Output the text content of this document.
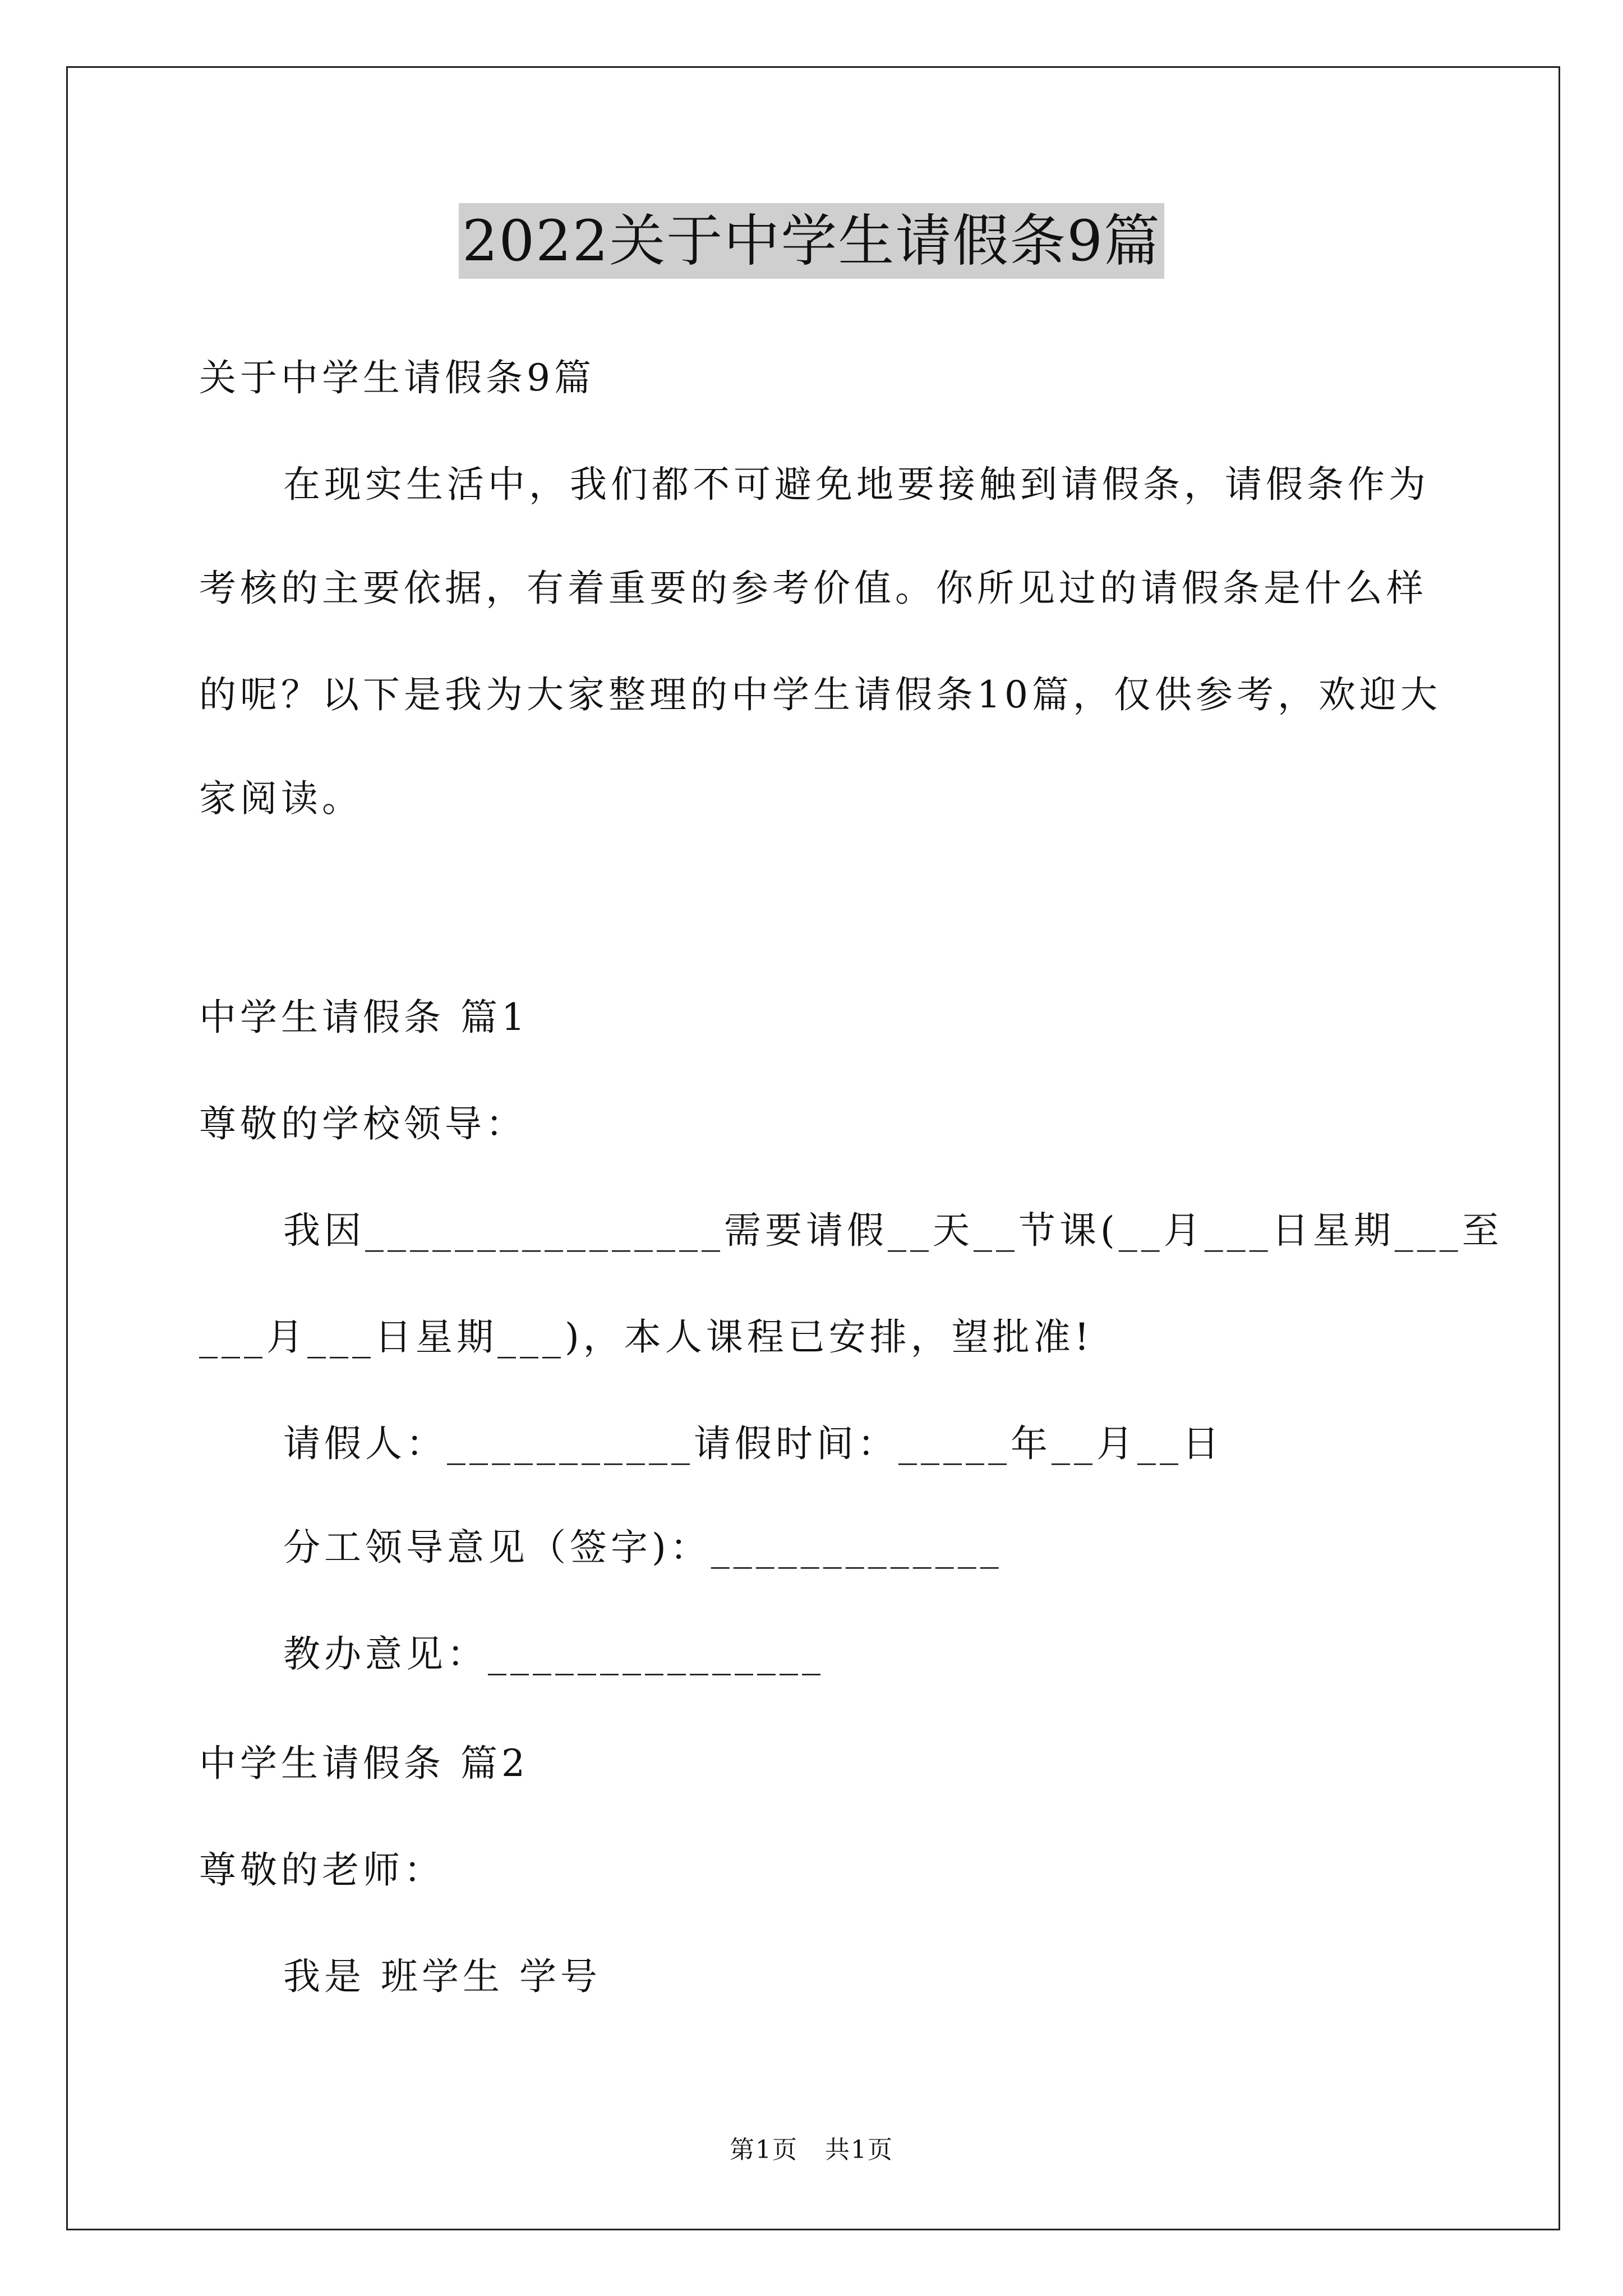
2022关于中学生请假条9篇
关于中学生请假条9篇
在现实生活中，我们都不可避免地要接触到请假条，请假条作为
考核的主要依据，有着重要的参考价值。你所见过的请假条是什么样
的呢？以下是我为大家整理的中学生请假条10篇，仅供参考，欢迎大
家阅读。
中学生请假条 篇1
尊敬的学校领导：
我因________________需要请假__天__节课(__月___日星期___至
___月___日星期___)，本人课程已安排，望批准!
请假人：___________请假时间：_____年__月__日
分工领导意见（签字)：_____________
教办意见：_______________
中学生请假条 篇2
尊敬的老师：
我是 班学生 学号
第1页   共1页
